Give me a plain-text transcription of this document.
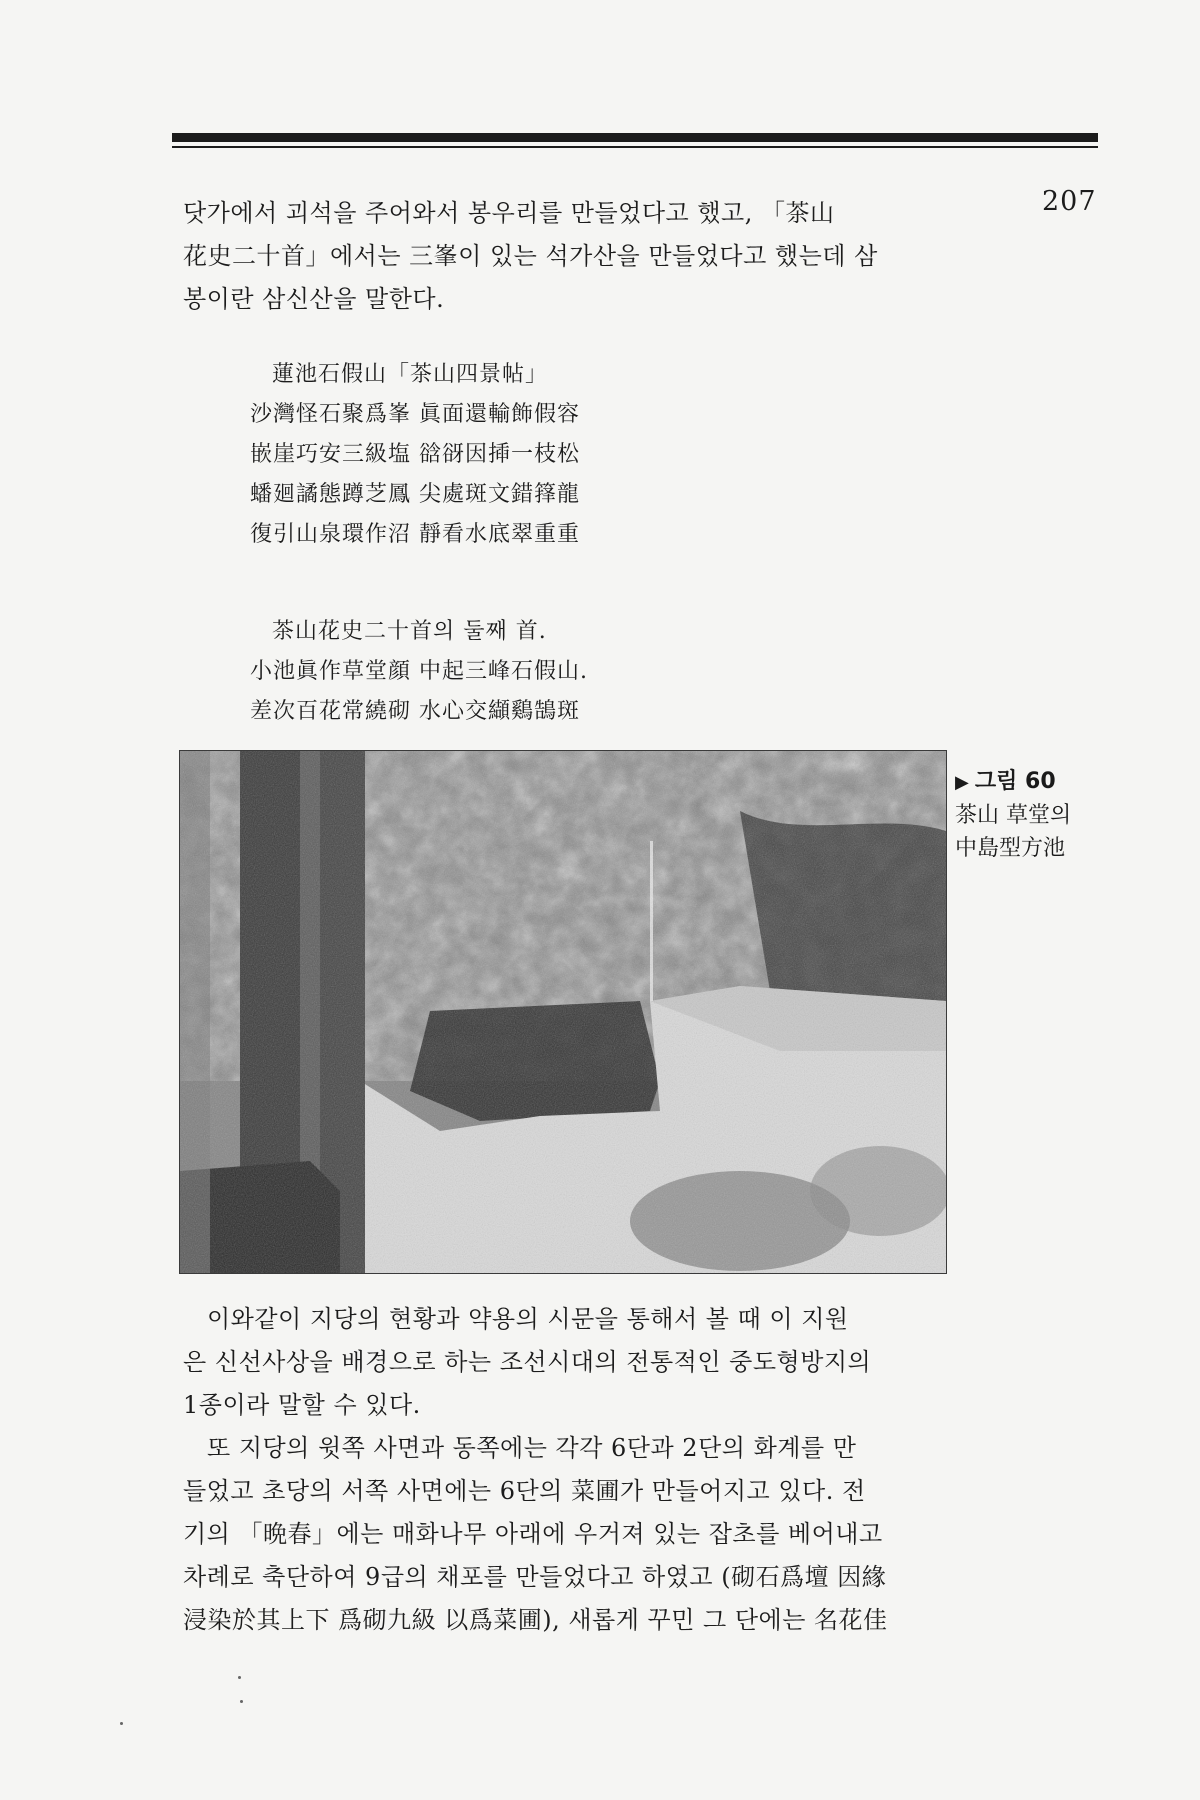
207
닷가에서 괴석을 주어와서 봉우리를 만들었다고 했고, 「茶山
花史二十首」에서는 三峯이 있는 석가산을 만들었다고 했는데 삼
봉이란 삼신산을 말한다.
蓮池石假山「茶山四景帖」
沙灣怪石聚爲峯 眞面還輸飾假容
嵌崖巧安三級塩 谽谺因揷一枝松
蟠廻譎態蹲芝鳳 尖處斑文錯箨龍
復引山泉環作沼 靜看水底翠重重
茶山花史二十首의 둘째 首.
小池眞作草堂顔 中起三峰石假山.
差次百花常繞砌 水心交纈鷄鵠斑
▶ 그림 60
茶山 草堂의
中島型方池
이와같이 지당의 현황과 약용의 시문을 통해서 볼 때 이 지원
은 신선사상을 배경으로 하는 조선시대의 전통적인 중도형방지의
1종이라 말할 수 있다.
또 지당의 윗쪽 사면과 동쪽에는 각각 6단과 2단의 화계를 만
들었고 초당의 서쪽 사면에는 6단의 菜圃가 만들어지고 있다. 전
기의 「晩春」에는 매화나무 아래에 우거져 있는 잡초를 베어내고
차례로 축단하여 9급의 채포를 만들었다고 하였고 (砌石爲壇 因緣
浸染於其上下 爲砌九級 以爲菜圃), 새롭게 꾸민 그 단에는 名花佳
